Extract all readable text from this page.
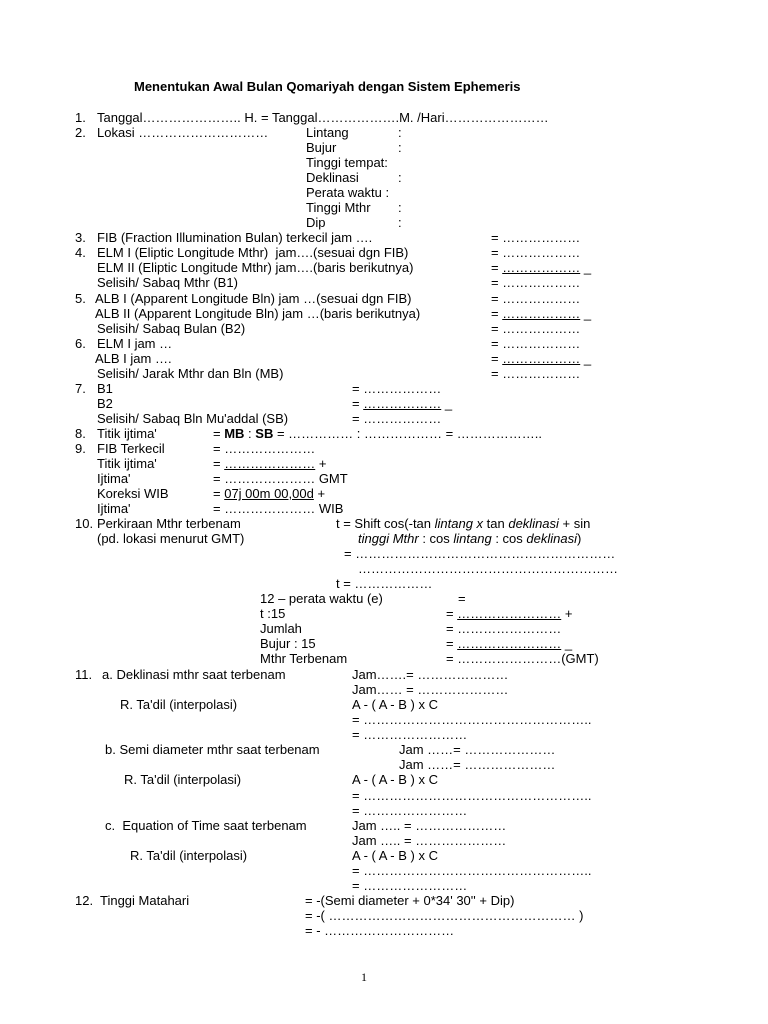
Menentukan Awal Bulan Qomariyah dengan Sistem Ephemeris
1. Tanggal………………….. H. = Tanggal……………….M. /Hari……………………
2. Lokasi …………………………	Lintang	:
Bujur	:
Tinggi tempat:
Deklinasi	:
Perata waktu :
Tinggi Mthr :
Dip	:
3. FIB (Fraction Illumination Bulan) terkecil jam ….	= ………………
4. ELM I (Eliptic Longitude Mthr)  jam….(sesuai dgn FIB)	= ………………
ELM II (Eliptic Longitude Mthr) jam….(baris berikutnya)	= ……………… _
Selisih/ Sabaq Mthr (B1)	= ………………
5. ALB I (Apparent Longitude Bln) jam …(sesuai dgn FIB)	= ………………
ALB II (Apparent Longitude Bln) jam …(baris berikutnya)	= ……………… _
Selisih/ Sabaq Bulan (B2)	= ………………
6. ELM I jam …	= ………………
ALB I jam ….	= ……………… _
Selisih/ Jarak Mthr dan Bln (MB)	= ………………
7. B1	= ………………
B2	= ……………… _
Selisih/ Sabaq Bln Mu'addal (SB)	= ………………
8. Titik ijtima'	= MB : SB = …………… : ……………… = ………………..
9. FIB Terkecil	= …………………
Titik ijtima'	= ………………… +
Ijtima'	= ………………… GMT
Koreksi WIB	= 07j 00m 00,00d +
Ijtima'	= ………………… WIB
10. Perkiraan Mthr terbenam
(pd. lokasi menurut GMT)
t = Shift cos(-tan lintang x tan deklinasi + sin
tinggi Mthr : cos lintang : cos deklinasi)
= ……………………………………………………
……………………………………………………
t = ………………
12 – perata waktu (e)	=
t :15	= …………………… +
Jumlah	= ……………………
Bujur : 15	= …………………… _
Mthr Terbenam	= ……………………(GMT)
11. a. Deklinasi mthr saat terbenam	Jam…….= …………………
Jam…… = …………………
R. Ta'dil (interpolasi)	A - ( A - B ) x C
= ……………………………………………..
= ……………………
b. Semi diameter mthr saat terbenam	Jam ……= …………………
Jam ……= …………………
R. Ta'dil (interpolasi)	A - ( A - B ) x C
= ……………………………………………..
= ……………………
c.  Equation of Time saat terbenam	Jam ….. = …………………
Jam ….. = …………………
R. Ta'dil (interpolasi)	A - ( A - B ) x C
= ……………………………………………..
= ……………………
12. Tinggi Matahari	= -(Semi diameter + 0*34' 30'' + Dip)
= -( ………………………………………………… )
= - …………………………
1
